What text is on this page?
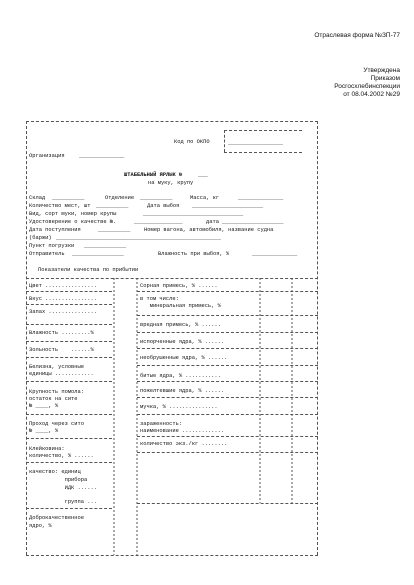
Отраслевая форма №ЗП-77
Утверждена
Приказом
Росгосхлебинспекции
от 08.04.2002 №29
Код по ОКПО	_________________
Организация	______________
ШТАБЕЛЬНЫЙ ЯРЛЫК №	___
на муку, крупу
Склад __________	Отделение __________	Масса, кг	______________
Количество мест, шт __________	Дата выбоя ______________________
Вид, сорт муки, номер крупы	_______________________________
Удостоверение о качестве №.	_______________	дата ___________________
Дата поступления	__________	Номер вагона, автомобиля, название судна
(баржи) ___________________________________________________
Пункт погрузки _____________
Отправитель ________________	Влажность при выбоя, %	______________
Показатели качества по прибытии
Цвет ................
Вкус ................
Запах ...............
Влажность .........%
Зольность    ......%
Белизна, условные
единицы ............
Крупность помола:
остаток на сите
№ ____, %
Проход через сито
№ ____, %
Клейковина:
количество, % ......
качество: единиц
прибора
ИДК ......
группа ...
Доброкачественное
ядро, %
Сорная примесь, % ......
в том числе:
минеральная примесь, %
вредная примесь, % ......
испорченные ядра, % ......
необрушенные ядра, % ......
битые ядра, % ...........
пожелтевшие ядра, % ......
мучка, % ...............
зараженность:
наименование .............
количество экз./кг ........
